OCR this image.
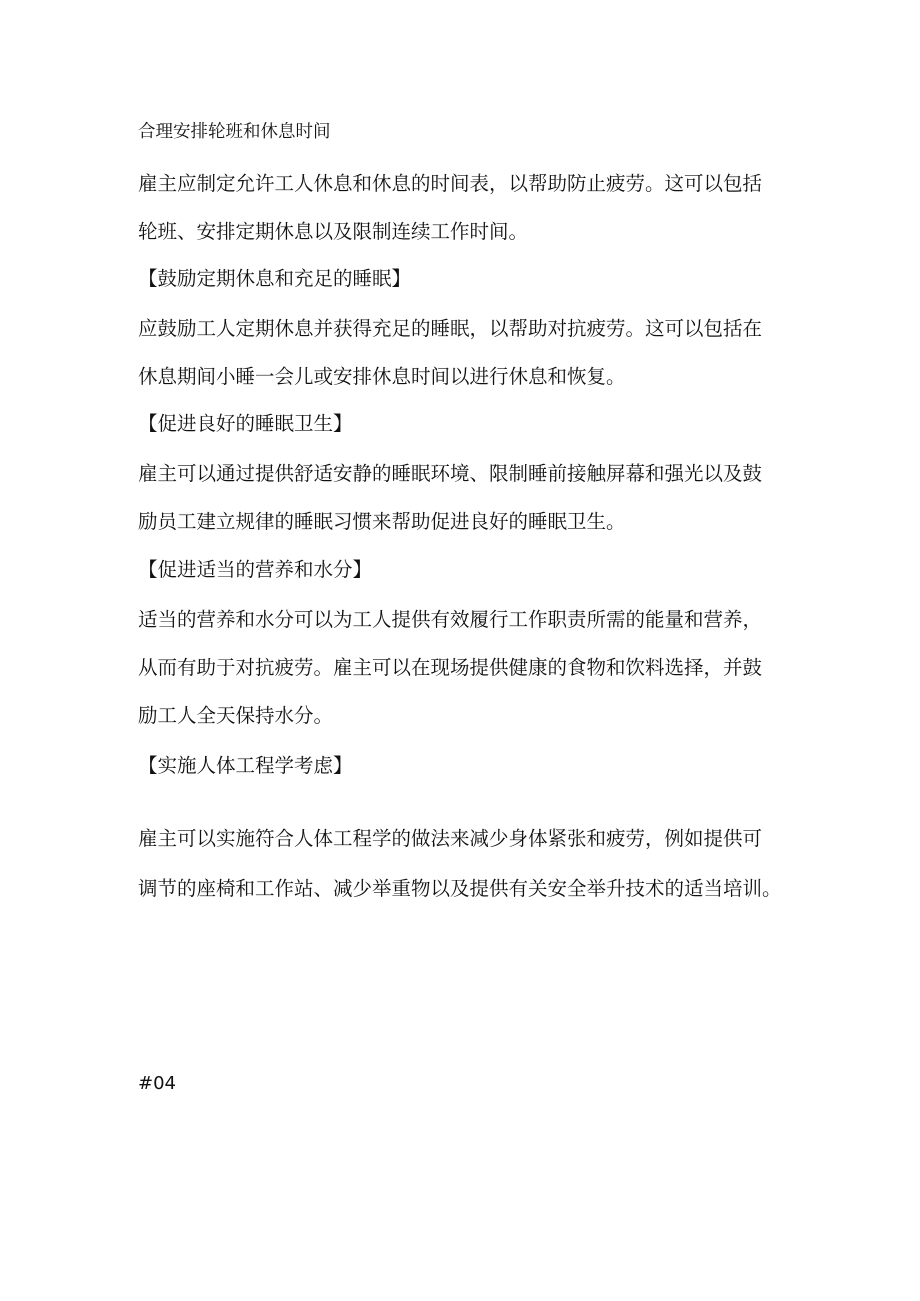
合理安排轮班和休息时间
雇主应制定允许工人休息和休息的时间表，以帮助防止疲劳。这可以包括
轮班、安排定期休息以及限制连续工作时间。
【鼓励定期休息和充足的睡眠】
应鼓励工人定期休息并获得充足的睡眠，以帮助对抗疲劳。这可以包括在
休息期间小睡一会儿或安排休息时间以进行休息和恢复。
【促进良好的睡眠卫生】
雇主可以通过提供舒适安静的睡眠环境、限制睡前接触屏幕和强光以及鼓
励员工建立规律的睡眠习惯来帮助促进良好的睡眠卫生。
【促进适当的营养和水分】
适当的营养和水分可以为工人提供有效履行工作职责所需的能量和营养，
从而有助于对抗疲劳。雇主可以在现场提供健康的食物和饮料选择，并鼓
励工人全天保持水分。
【实施人体工程学考虑】
雇主可以实施符合人体工程学的做法来减少身体紧张和疲劳，例如提供可
调节的座椅和工作站、减少举重物以及提供有关安全举升技术的适当培训。
#04
